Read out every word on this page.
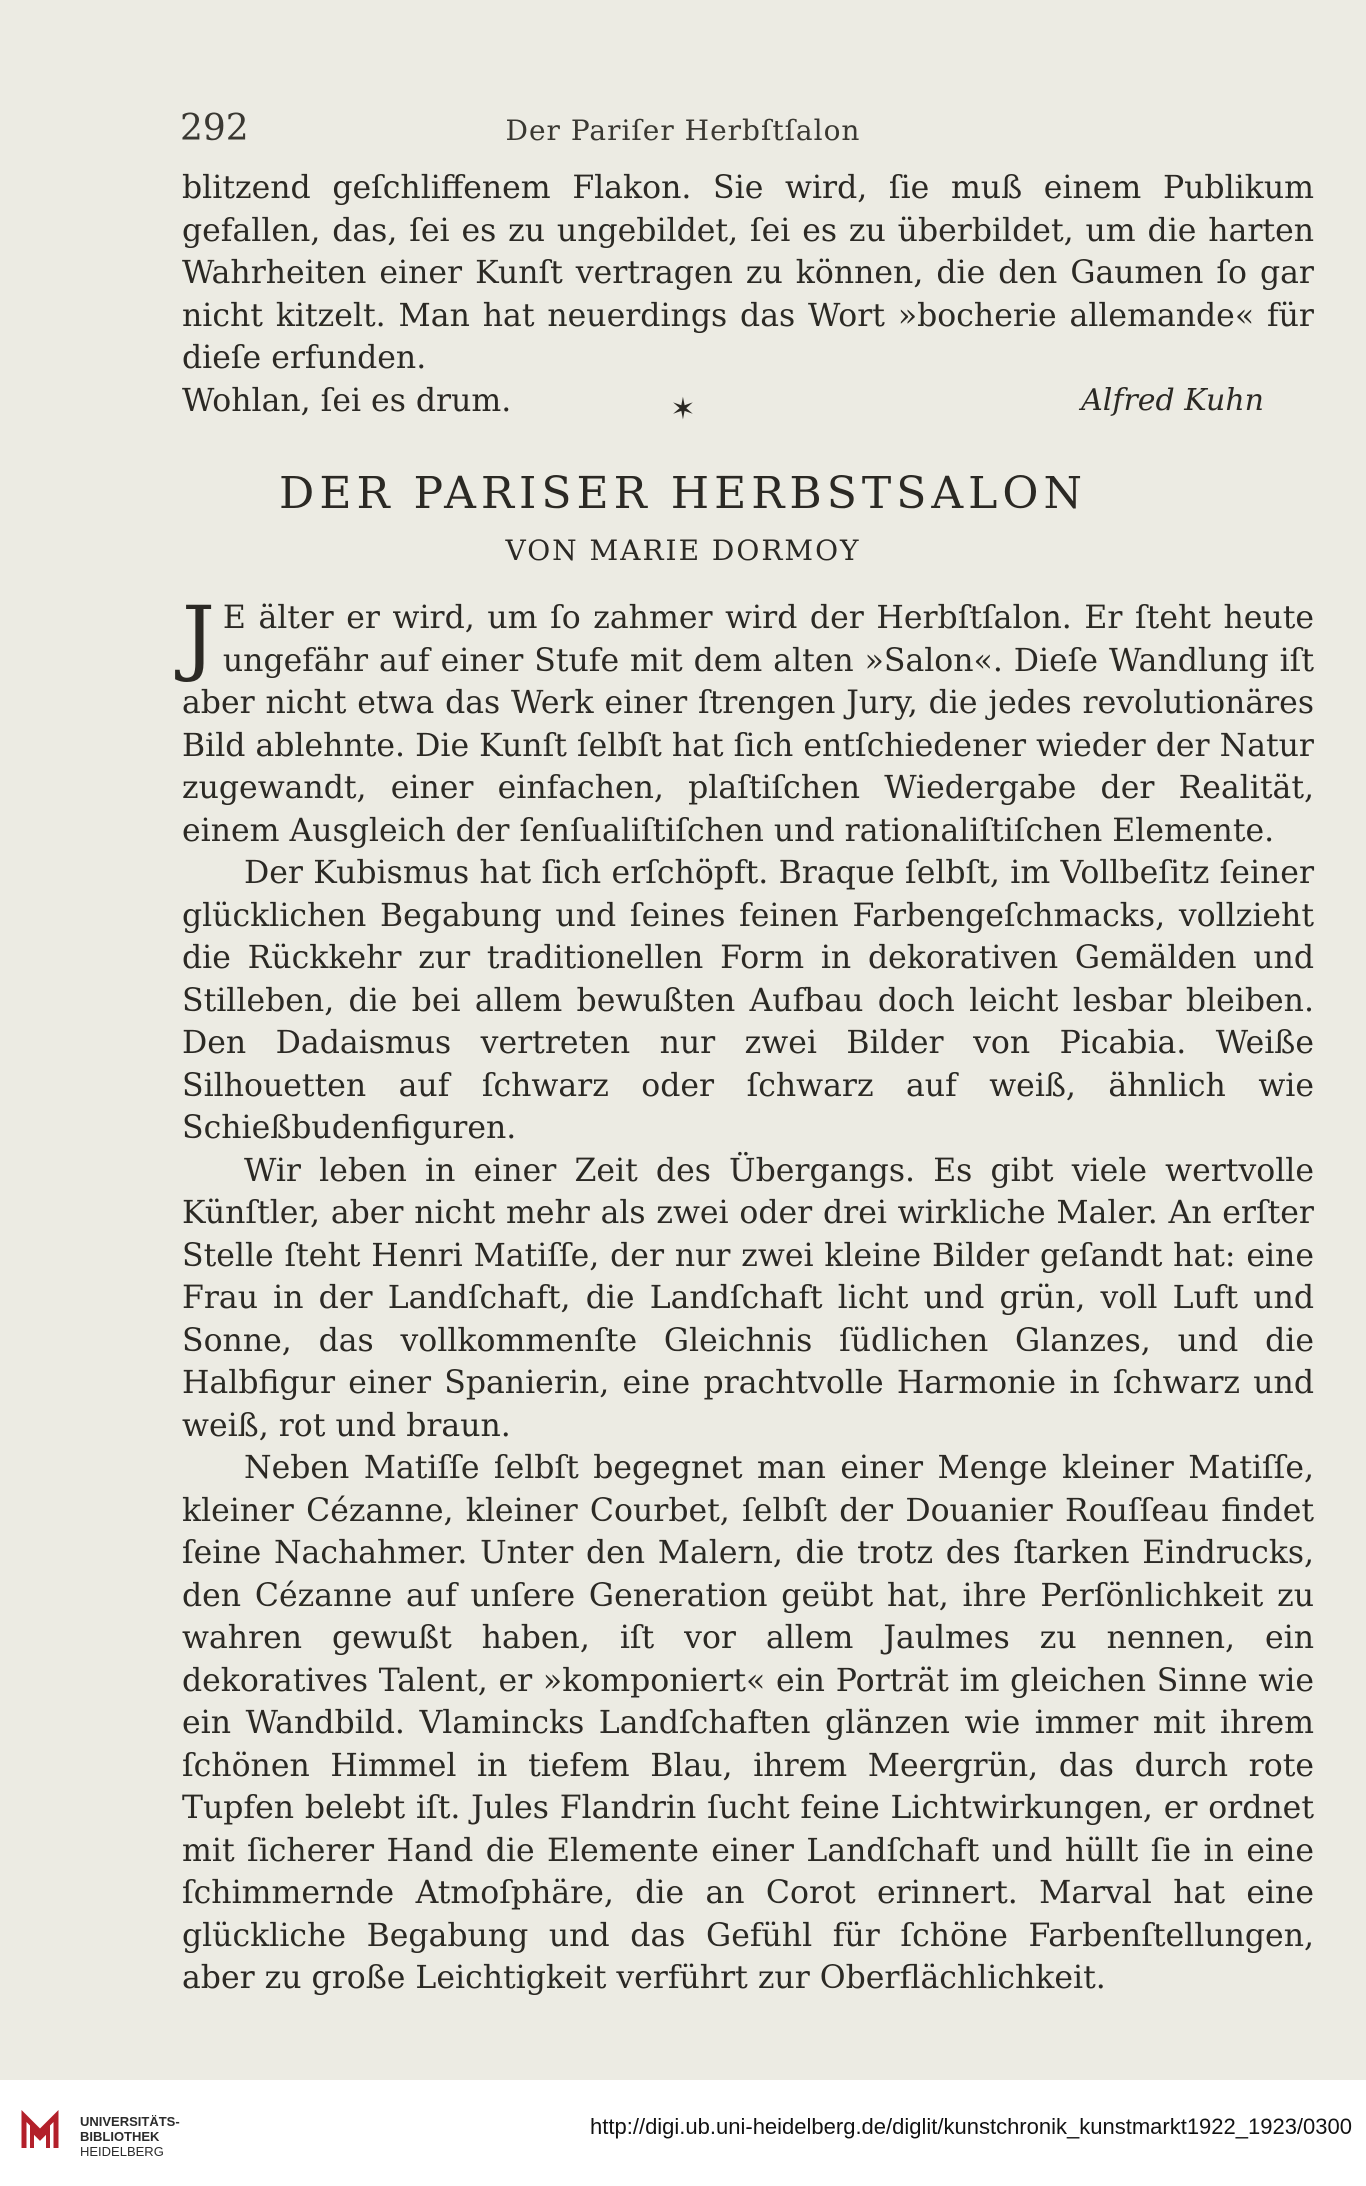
292	Der Pariſer Herbſtſalon

blitzend geſchliffenem Flakon. Sie wird, ſie muß einem Publikum gefallen, das, ſei es zu ungebildet, ſei es zu überbildet, um die harten Wahrheiten einer Kunſt vertragen zu können, die den Gaumen ſo gar nicht kitzelt. Man hat neuerdings das Wort »bocherie allemande« für dieſe erfunden.

Wohlan, ſei es drum.	Alfred Kuhn
✶
DER PARISER HERBSTSALON
VON MARIE DORMOY

J E älter er wird, um ſo zahmer wird der Herbſtſalon. Er ſteht heute ungefähr auf einer Stufe mit dem alten »Salon«. Dieſe Wandlung iſt aber nicht etwa das Werk einer ſtrengen Jury, die jedes revolutionäres Bild ablehnte. Die Kunſt ſelbſt hat ſich entſchiedener wieder der Natur zugewandt, einer einfachen, plaſtiſchen Wiedergabe der Realität, einem Ausgleich der ſenſualiſtiſchen und rationaliſtiſchen Elemente.

Der Kubismus hat ſich erſchöpft. Braque ſelbſt, im Vollbeſitz ſeiner glücklichen Begabung und ſeines feinen Farbengeſchmacks, vollzieht die Rückkehr zur traditionellen Form in dekorativen Gemälden und Stilleben, die bei allem bewußten Aufbau doch leicht lesbar bleiben. Den Dadaismus vertreten nur zwei Bilder von Picabia. Weiße Silhouetten auf ſchwarz oder ſchwarz auf weiß, ähnlich wie Schießbudenfiguren.

Wir leben in einer Zeit des Übergangs. Es gibt viele wertvolle Künſtler, aber nicht mehr als zwei oder drei wirkliche Maler. An erſter Stelle ſteht Henri Matiſſe, der nur zwei kleine Bilder geſandt hat: eine Frau in der Landſchaft, die Landſchaft licht und grün, voll Luft und Sonne, das vollkommenſte Gleichnis ſüdlichen Glanzes, und die Halbfigur einer Spanierin, eine prachtvolle Harmonie in ſchwarz und weiß, rot und braun.

Neben Matiſſe ſelbſt begegnet man einer Menge kleiner Matiſſe, kleiner Cézanne, kleiner Courbet, ſelbſt der Douanier Rouſſeau findet ſeine Nachahmer. Unter den Malern, die trotz des ſtarken Eindrucks, den Cézanne auf unſere Generation geübt hat, ihre Perſönlichkeit zu wahren gewußt haben, iſt vor allem Jaulmes zu nennen, ein dekoratives Talent, er »komponiert« ein Porträt im gleichen Sinne wie ein Wandbild. Vlamincks Landſchaften glänzen wie immer mit ihrem ſchönen Himmel in tiefem Blau, ihrem Meergrün, das durch rote Tupfen belebt iſt. Jules Flandrin ſucht feine Lichtwirkungen, er ordnet mit ſicherer Hand die Elemente einer Landſchaft und hüllt ſie in eine ſchimmernde Atmoſphäre, die an Corot erinnert. Marval hat eine glückliche Begabung und das Gefühl für ſchöne Farbenſtellungen, aber zu große Leichtigkeit verführt zur Oberflächlichkeit.

UNIVERSITÄTS-
BIBLIOTHEK
HEIDELBERG
http://digi.ub.uni-heidelberg.de/diglit/kunstchronik_kunstmarkt1922_1923/0300
